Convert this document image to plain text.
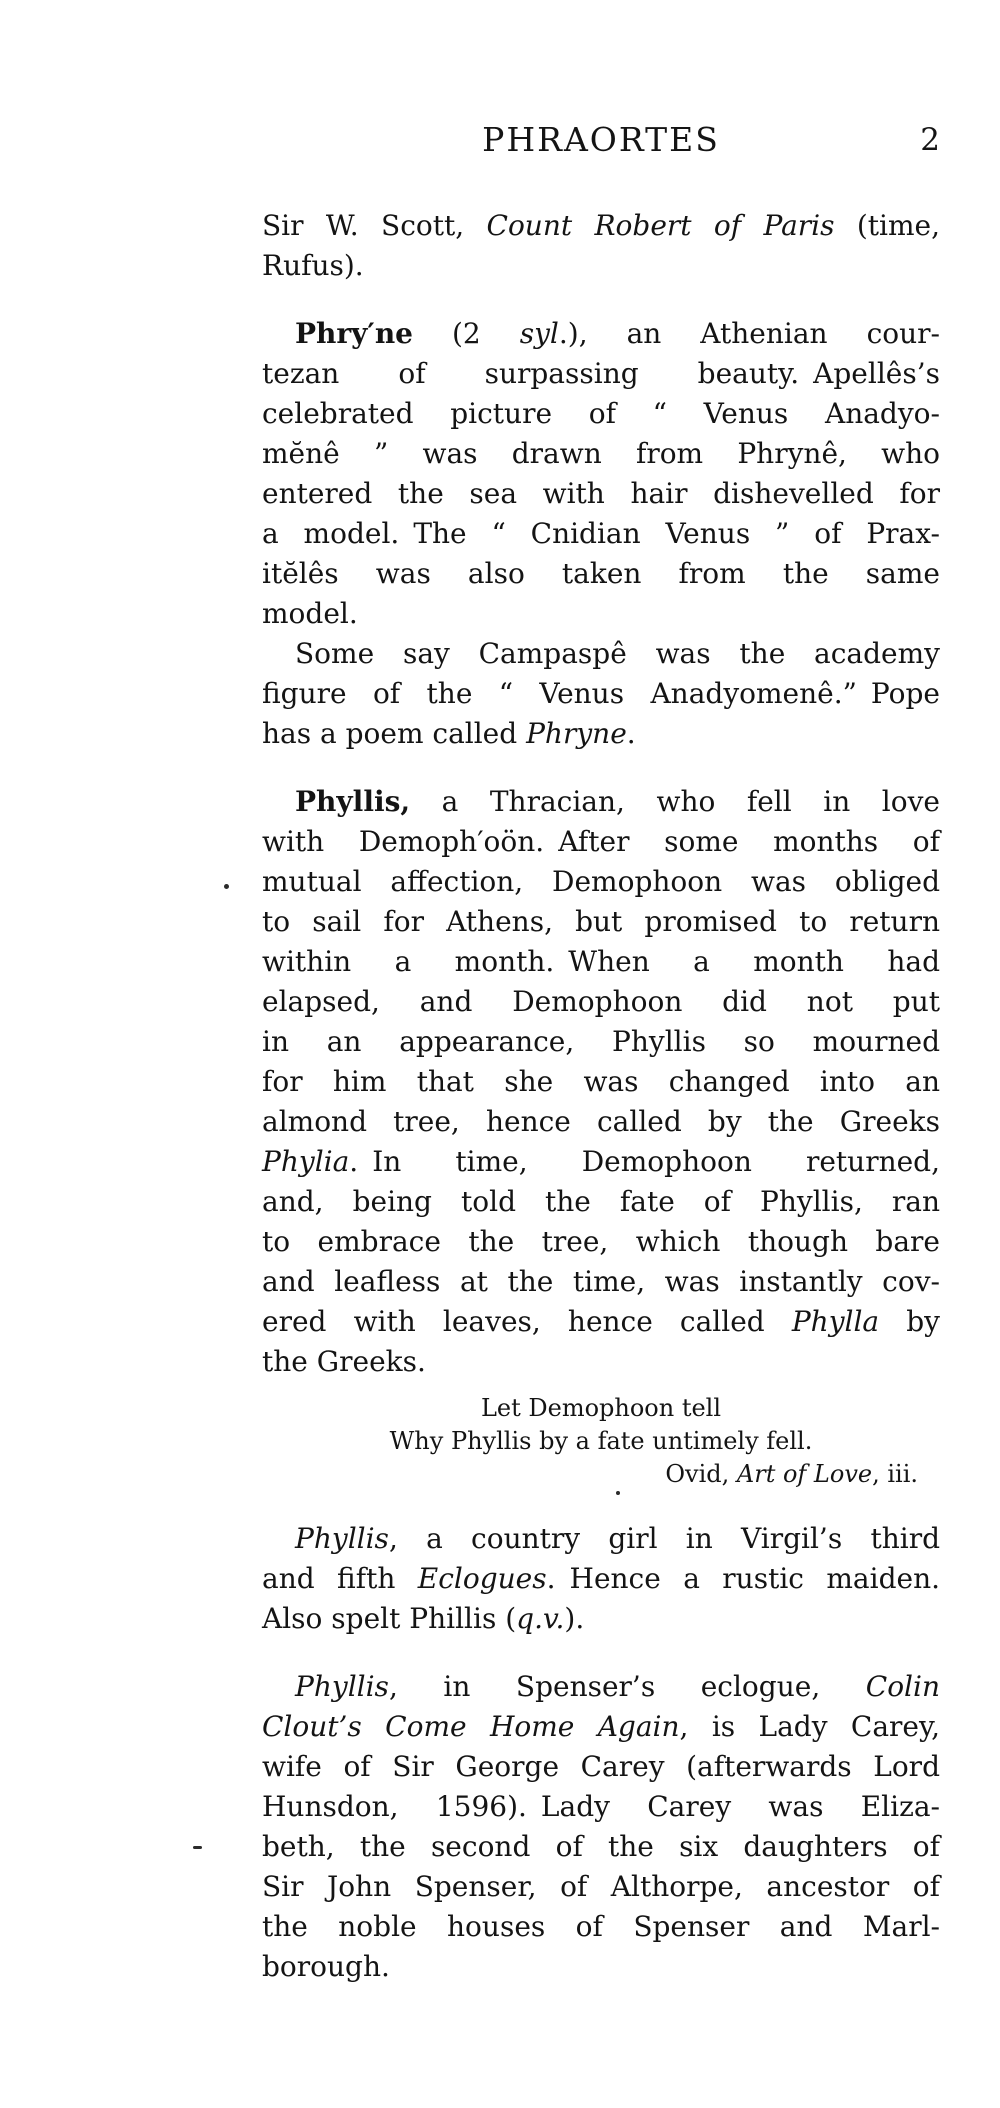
PHRAORTES	2

Sir W. Scott, Count Robert of Paris (time,
Rufus).

Phry′ne (2 syl.), an Athenian cour-
tezan of surpassing beauty. Apellês’s
celebrated picture of “ Venus Anadyo-
mĕnê ” was drawn from Phrynê, who
entered the sea with hair dishevelled for
a model. The “ Cnidian Venus ” of Prax-
itĕlês was also taken from the same
model.

Some say Campaspê was the academy
figure of the “ Venus Anadyomenê.” Pope
has a poem called Phryne.

Phyllis, a Thracian, who fell in love
with Demoph′oön. After some months of
mutual affection, Demophoon was obliged
to sail for Athens, but promised to return
within a month. When a month had
elapsed, and Demophoon did not put
in an appearance, Phyllis so mourned
for him that she was changed into an
almond tree, hence called by the Greeks
Phylia. In time, Demophoon returned,
and, being told the fate of Phyllis, ran
to embrace the tree, which though bare
and leafless at the time, was instantly cov-
ered with leaves, hence called Phylla by
the Greeks.

Let Demophoon tell
Why Phyllis by a fate untimely fell.
Ovid, Art of Love, iii.

Phyllis, a country girl in Virgil’s third
and fifth Eclogues. Hence a rustic maiden.
Also spelt Phillis (q.v.).

Phyllis, in Spenser’s eclogue, Colin
Clout’s Come Home Again, is Lady Carey,
wife of Sir George Carey (afterwards Lord
Hunsdon, 1596). Lady Carey was Eliza-
beth, the second of the six daughters of
Sir John Spenser, of Althorpe, ancestor of
the noble houses of Spenser and Marl-
borough.
